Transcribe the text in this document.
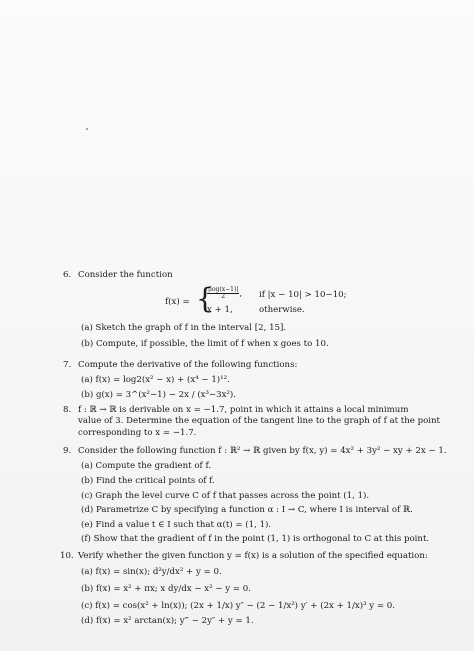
6. Consider the function
f(x) = {
$\frac{|\log(x-1)|}{2}$ , if |x − 10| > 10−10;
x + 1,	otherwise.
(a) Sketch the graph of f in the interval [2, 15].
(b) Compute, if possible, the limit of f when x goes to 10.
7. Compute the derivative of the following functions:
(a) f(x) = log2(x² − x) + (x⁴ − 1)¹².
(b) g(x) = 3^(x²−1) − 2x / (x³−3x²).
8. f : ℝ → ℝ is derivable on x = −1.7, point in which it attains a local minimum
value of 3. Determine the equation of the tangent line to the graph of f at the point
corresponding to x = −1.7.
9. Consider the following function f : ℝ² → ℝ given by f(x, y) = 4x² + 3y² − xy + 2x − 1.
(a) Compute the gradient of f.
(b) Find the critical points of f.
(c) Graph the level curve C of f that passes across the point (1, 1).
(d) Parametrize C by specifying a function α : I → C, where I is interval of ℝ.
(e) Find a value t ∈ I such that α(t) = (1, 1).
(f) Show that the gradient of f in the point (1, 1) is orthogonal to C at this point.
10. Verify whether the given function y = f(x) is a solution of the specified equation:
(a) f(x) = sin(x); d²y/dx² + y = 0.
(b) f(x) = x² + πx; x dy/dx − x² − y = 0.
(c) f(x) = cos(x² + ln(x)); (2x + 1/x) y″ − (2 − 1/x²) y′ + (2x + 1/x)³ y = 0.
(d) f(x) = x² arctan(x); y‴ − 2y″ + y = 1.
